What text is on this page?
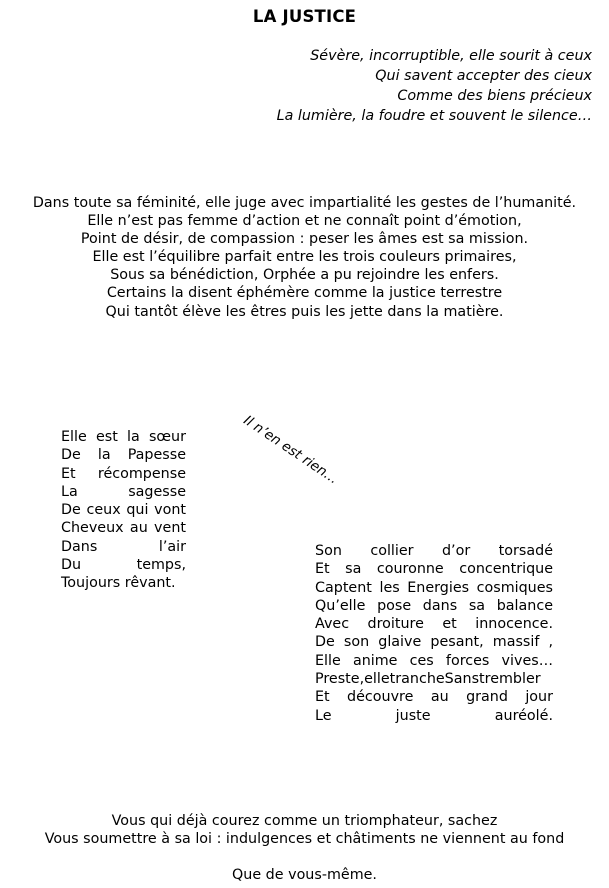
LA JUSTICE
Sévère, incorruptible, elle sourit à ceux
Qui savent accepter des cieux
Comme des biens précieux
La lumière, la foudre et souvent le silence…
Dans toute sa féminité, elle juge avec impartialité les gestes de l’humanité.
Elle n’est pas femme d’action et ne connaît point d’émotion,
Point de désir, de compassion : peser les âmes est sa mission.
Elle est l’équilibre parfait entre les trois couleurs primaires,
Sous sa bénédiction, Orphée a pu rejoindre les enfers.
Certains la disent éphémère comme la justice terrestre
Qui tantôt élève les êtres puis les jette dans la matière.
Il n’en est rien…
Elle est la sœur
De la Papesse
Et récompense
La sagesse
De ceux qui vont
Cheveux au vent
Dans l’air
Du temps,
Toujours rêvant.
Son collier d’or torsadé
Et sa couronne concentrique
Captent les Energies cosmiques
Qu’elle pose dans sa balance
Avec droiture et innocence.
De son glaive pesant, massif ,
Elle anime ces forces vives…
Preste,elletrancheSanstrembler
Et découvre au grand jour
Le juste auréolé.
Vous qui déjà courez comme un triomphateur, sachez
Vous soumettre à sa loi : indulgences et châtiments ne viennent au fond
Que de vous-même.
